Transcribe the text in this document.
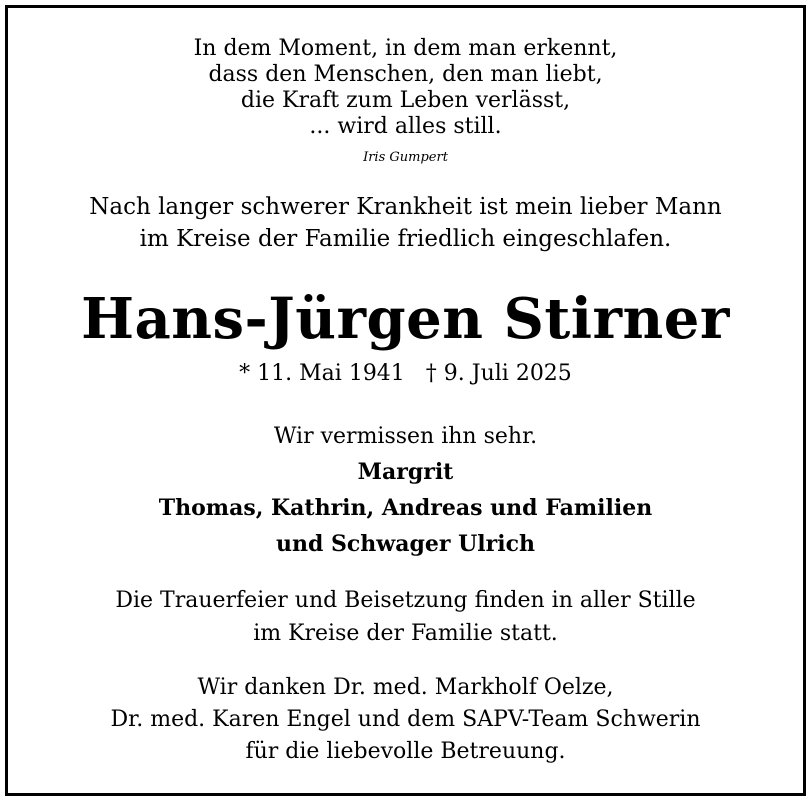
In dem Moment, in dem man erkennt,
dass den Menschen, den man liebt,
die Kraft zum Leben verlässt,
... wird alles still.
Iris Gumpert
Nach langer schwerer Krankheit ist mein lieber Mann
im Kreise der Familie friedlich eingeschlafen.
Hans-Jürgen Stirner
* 11. Mai 1941   † 9. Juli 2025
Wir vermissen ihn sehr.
Margrit
Thomas, Kathrin, Andreas und Familien
und Schwager Ulrich
Die Trauerfeier und Beisetzung finden in aller Stille
im Kreise der Familie statt.
Wir danken Dr. med. Markholf Oelze,
Dr. med. Karen Engel und dem SAPV-Team Schwerin
für die liebevolle Betreuung.
